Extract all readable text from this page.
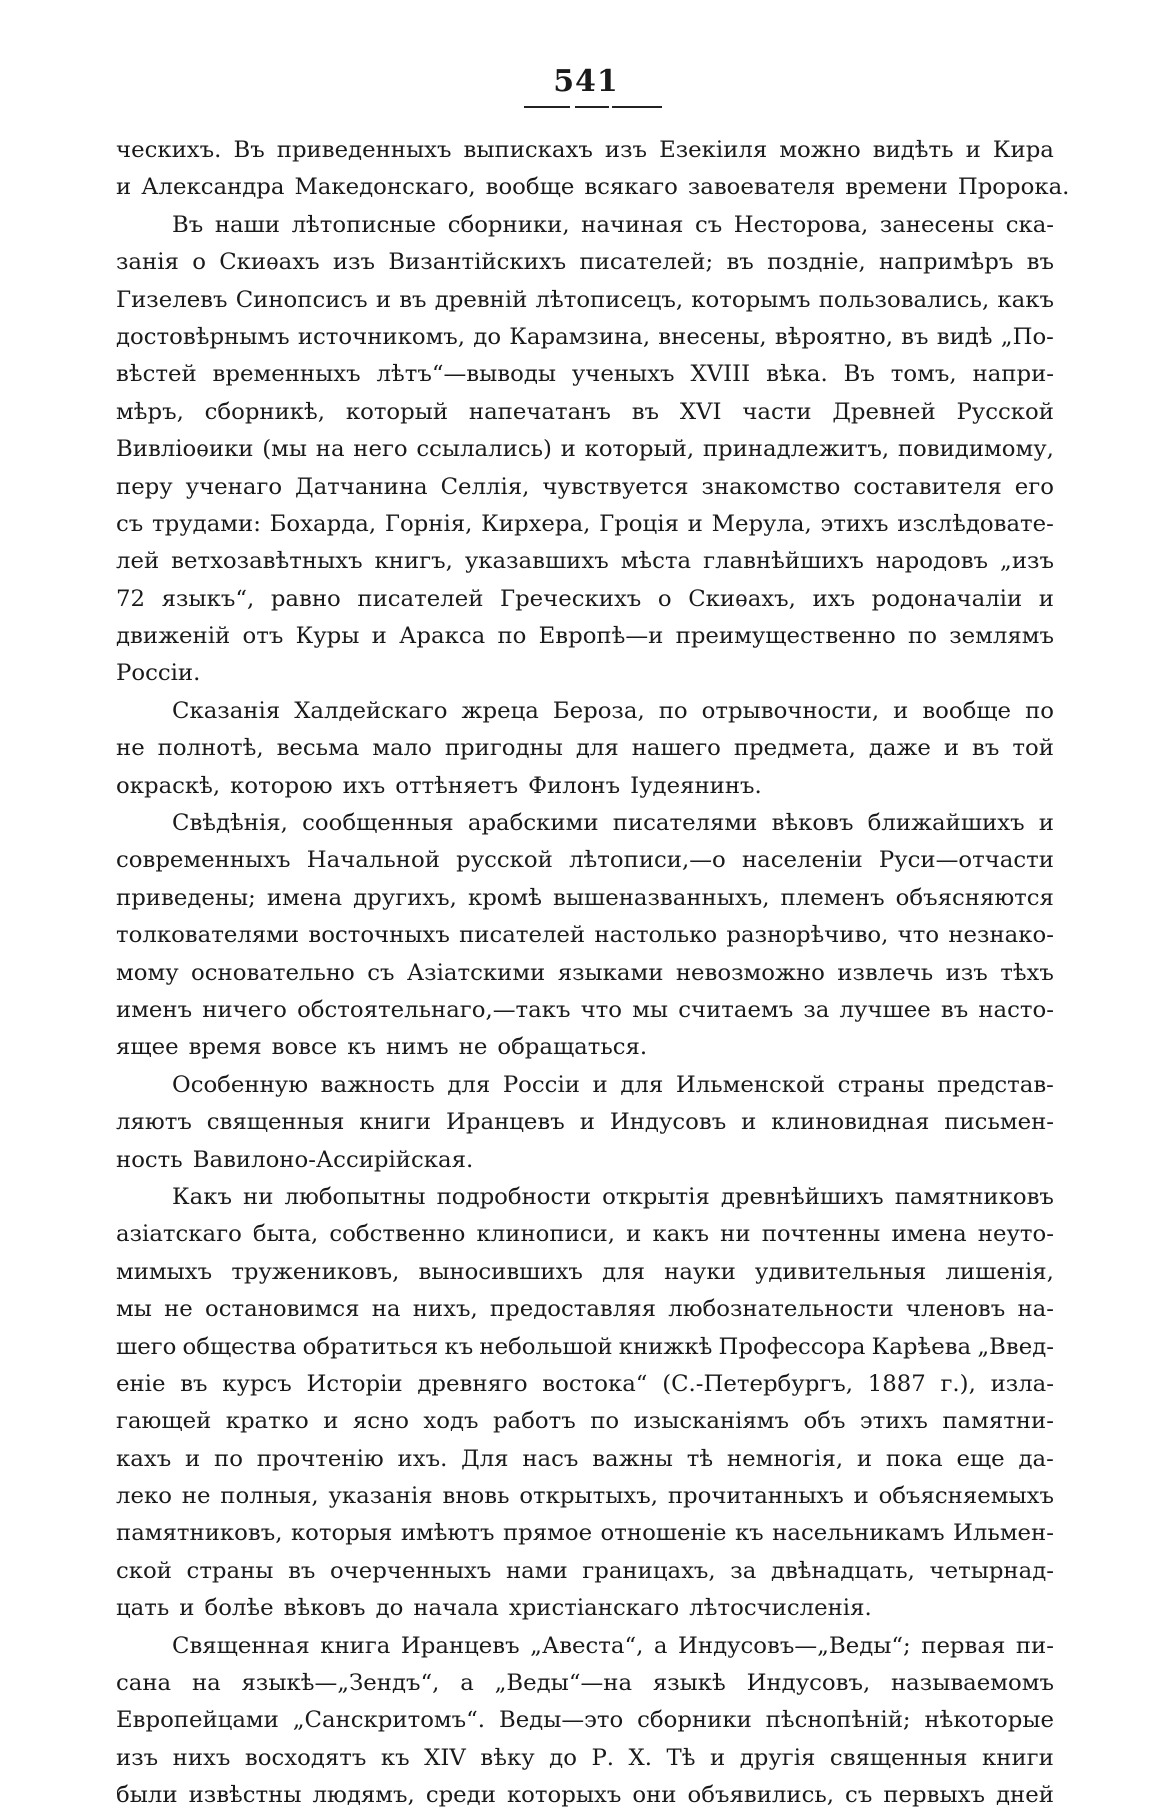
541
ческихъ. Въ приведенныхъ выпискахъ изъ Езекіиля можно видѣть и Кира
и Александра Македонскаго, вообще всякаго завоевателя времени Пророка.
Въ наши лѣтописные сборники, начиная съ Несторова, занесены ска-
занія о Скиѳахъ изъ Византійскихъ писателей; въ поздніе, напримѣръ въ
Гизелевъ Синопсисъ и въ древній лѣтописецъ, которымъ пользовались, какъ
достовѣрнымъ источникомъ, до Карамзина, внесены, вѣроятно, въ видѣ „По-
вѣстей временныхъ лѣтъ“—выводы ученыхъ XVIII вѣка. Въ томъ, напри-
мѣръ, сборникѣ, который напечатанъ въ XVI части Древней Русской
Вивліоѳики (мы на него ссылались) и который, принадлежитъ, повидимому,
перу ученаго Датчанина Селлія, чувствуется знакомство составителя его
съ трудами: Бохарда, Горнія, Кирхера, Гроція и Мерула, этихъ изслѣдовате-
лей ветхозавѣтныхъ книгъ, указавшихъ мѣста главнѣйшихъ народовъ „изъ
72 языкъ“, равно писателей Греческихъ о Скиѳахъ, ихъ родоначаліи и
движеній отъ Куры и Аракса по Европѣ—и преимущественно по землямъ
Россіи.
Сказанія Халдейскаго жреца Бероза, по отрывочности, и вообще по
не полнотѣ, весьма мало пригодны для нашего предмета, даже и въ той
окраскѣ, которою ихъ оттѣняетъ Филонъ Іудеянинъ.
Свѣдѣнія, сообщенныя арабскими писателями вѣковъ ближайшихъ и
современныхъ Начальной русской лѣтописи,—о населеніи Руси—отчасти
приведены; имена другихъ, кромѣ вышеназванныхъ, племенъ объясняются
толкователями восточныхъ писателей настолько разнорѣчиво, что незнако-
мому основательно съ Азіатскими языками невозможно извлечь изъ тѣхъ
именъ ничего обстоятельнаго,—такъ что мы считаемъ за лучшее въ насто-
ящее время вовсе къ нимъ не обращаться.
Особенную важность для Россіи и для Ильменской страны представ-
ляютъ священныя книги Иранцевъ и Индусовъ и клиновидная письмен-
ность Вавилоно-Ассирійская.
Какъ ни любопытны подробности открытія древнѣйшихъ памятниковъ
азіатскаго быта, собственно клинописи, и какъ ни почтенны имена неуто-
мимыхъ тружениковъ, выносившихъ для науки удивительныя лишенія,
мы не остановимся на нихъ, предоставляя любознательности членовъ на-
шего общества обратиться къ небольшой книжкѣ Профессора Карѣева „Введ-
еніе въ курсъ Исторіи древняго востока“ (С.-Петербургъ, 1887 г.), изла-
гающей кратко и ясно ходъ работъ по изысканіямъ объ этихъ памятни-
кахъ и по прочтенію ихъ. Для насъ важны тѣ немногія, и пока еще да-
леко не полныя, указанія вновь открытыхъ, прочитанныхъ и объясняемыхъ
памятниковъ, которыя имѣютъ прямое отношеніе къ насельникамъ Ильмен-
ской страны въ очерченныхъ нами границахъ, за двѣнадцать, четырнад-
цать и болѣе вѣковъ до начала христіанскаго лѣтосчисленія.
Священная книга Иранцевъ „Авеста“, а Индусовъ—„Веды“; первая пи-
сана на языкѣ—„Зендъ“, а „Веды“—на языкѣ Индусовъ, называемомъ
Европейцами „Санскритомъ“. Веды—это сборники пѣснопѣній; нѣкоторые
изъ нихъ восходятъ къ XIV вѣку до Р. Х. Тѣ и другія священныя книги
были извѣстны людямъ, среди которыхъ они объявились, съ первыхъ дней
